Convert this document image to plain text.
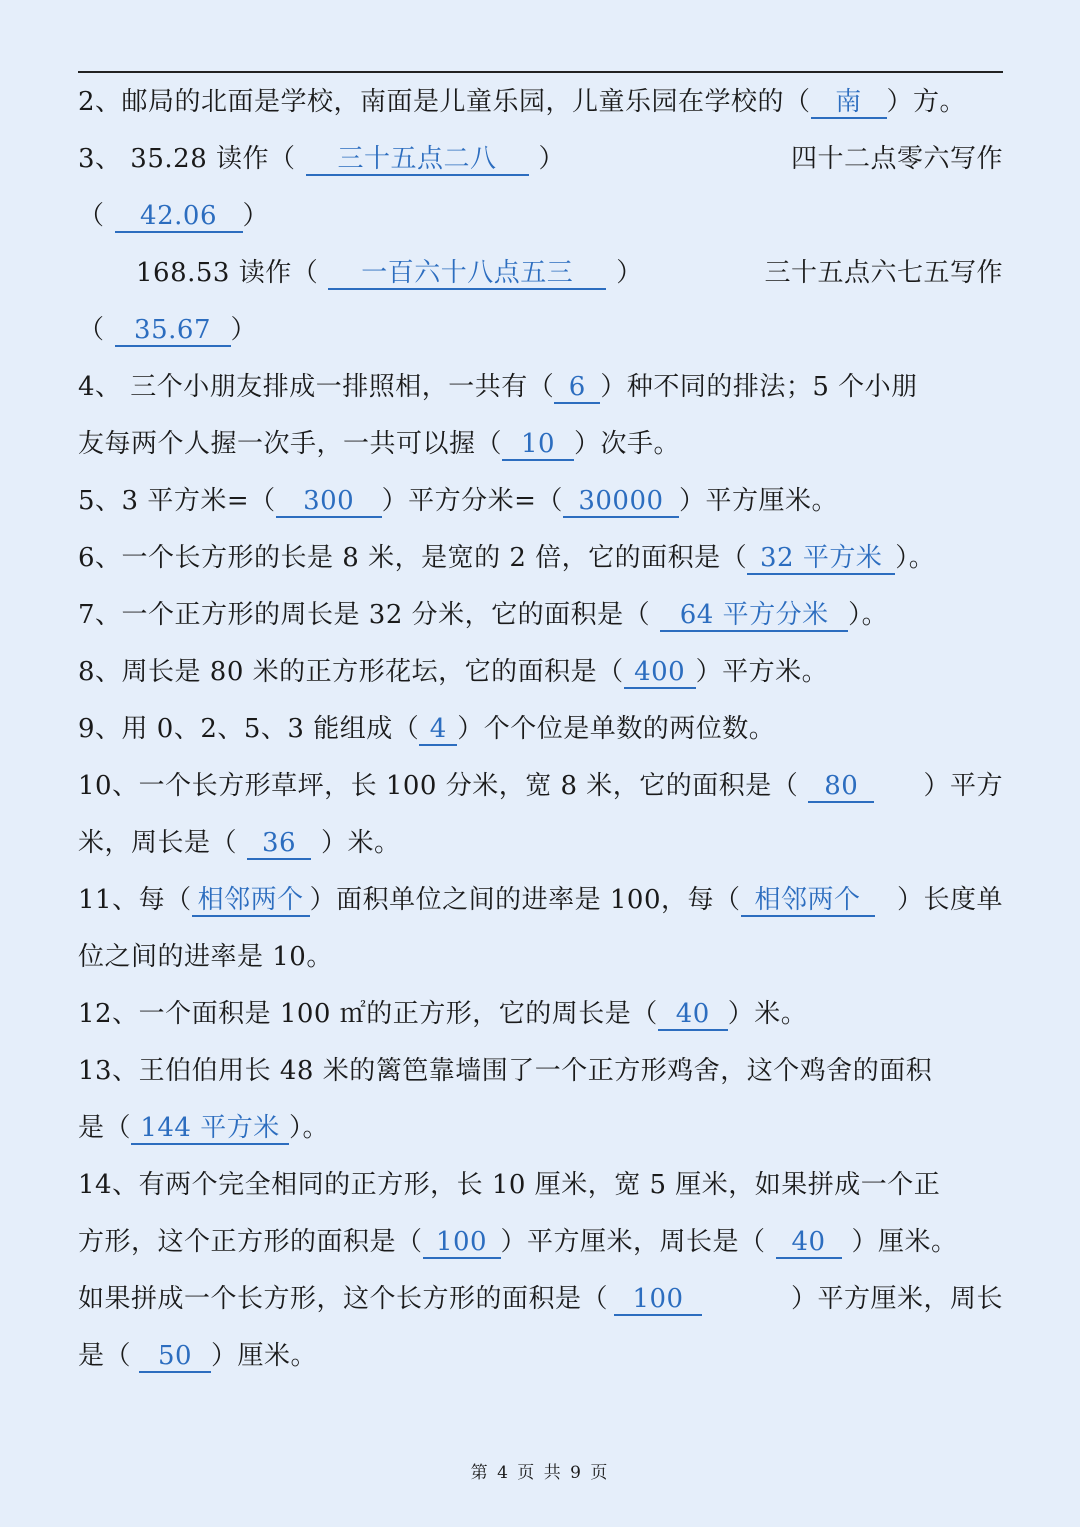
2、邮局的北面是学校，南面是儿童乐园，儿童乐园在学校的（ 南 ）方。
3、 35.28 读作（ 三十五点二八 ）	四十二点零六写作
（ 42.06 ）
168.53 读作（ 一百六十八点五三 ）	三十五点六七五写作
（ 35.67 ）
4、 三个小朋友排成一排照相，一共有（ 6 ）种不同的排法；5 个小朋
友每两个人握一次手，一共可以握（ 10 ）次手。
5、3 平方米=（ 300 ）平方分米=（ 30000 ）平方厘米。
6、一个长方形的长是 8 米，是宽的 2 倍，它的面积是（ 32 平方米 ）。
7、一个正方形的周长是 32 分米，它的面积是（ 64 平方分米 ）。
8、周长是 80 米的正方形花坛，它的面积是（ 400 ）平方米。
9、用 0、2、5、3 能组成（ 4 ）个个位是单数的两位数。
10、一个长方形草坪，长 100 分米，宽 8 米，它的面积是（ 80	）平方
米，周长是（ 36 ）米。
11、每（ 相邻两个 ）面积单位之间的进率是 100，每（ 相邻两个	）长度单
位之间的进率是 10。
12、一个面积是 100 ㎡的正方形，它的周长是（ 40 ）米。
13、王伯伯用长 48 米的篱笆靠墙围了一个正方形鸡舍，这个鸡舍的面积
是（ 144 平方米 ）。
14、有两个完全相同的正方形，长 10 厘米，宽 5 厘米，如果拼成一个正
方形，这个正方形的面积是（ 100 ）平方厘米，周长是（ 40 ）厘米。
如果拼成一个长方形，这个长方形的面积是（ 100	）平方厘米，周长
是（ 50 ）厘米。
第 4 页 共 9 页
